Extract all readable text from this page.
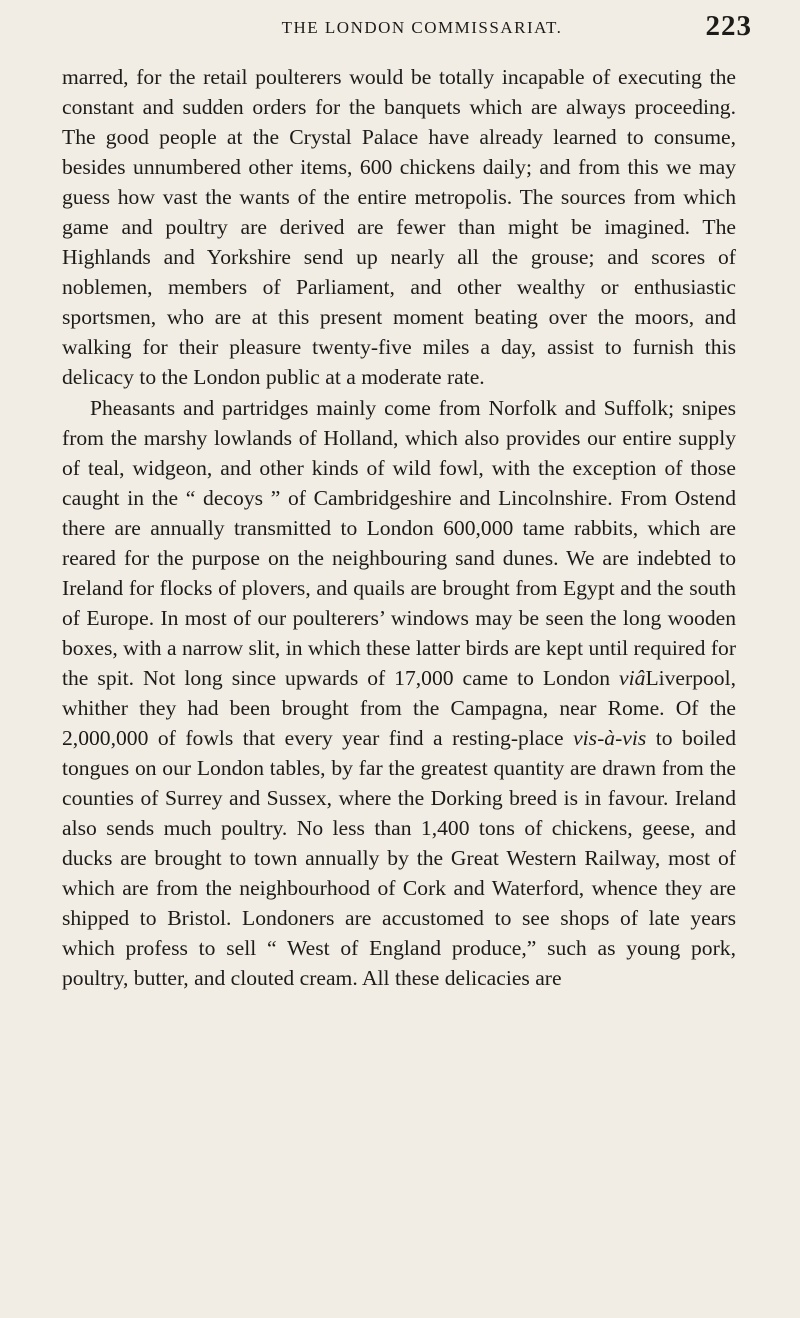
THE LONDON COMMISSARIAT.	223

marred, for the retail poulterers would be totally incapable of executing the constant and sudden orders for the banquets which are always proceeding. The good people at the Crystal Palace have already learned to consume, besides unnumbered other items, 600 chickens daily; and from this we may guess how vast the wants of the entire metropolis. The sources from which game and poultry are derived are fewer than might be imagined. The Highlands and Yorkshire send up nearly all the grouse; and scores of noblemen, members of Parliament, and other wealthy or enthusiastic sportsmen, who are at this present moment beating over the moors, and walking for their pleasure twenty-five miles a day, assist to furnish this delicacy to the London public at a moderate rate.

Pheasants and partridges mainly come from Norfolk and Suffolk; snipes from the marshy lowlands of Holland, which also provides our entire supply of teal, widgeon, and other kinds of wild fowl, with the exception of those caught in the “ decoys ” of Cambridgeshire and Lincolnshire. From Ostend there are annually transmitted to London 600,000 tame rabbits, which are reared for the purpose on the neighbouring sand dunes. We are indebted to Ireland for flocks of plovers, and quails are brought from Egypt and the south of Europe. In most of our poulterers’ windows may be seen the long wooden boxes, with a narrow slit, in which these latter birds are kept until required for the spit. Not long since upwards of 17,000 came to London viâLiverpool, whither they had been brought from the Campagna, near Rome. Of the 2,000,000 of fowls that every year find a resting-place vis-à-vis to boiled tongues on our London tables, by far the greatest quantity are drawn from the counties of Surrey and Sussex, where the Dorking breed is in favour. Ireland also sends much poultry. No less than 1,400 tons of chickens, geese, and ducks are brought to town annually by the Great Western Railway, most of which are from the neighbourhood of Cork and Waterford, whence they are shipped to Bristol. Londoners are accustomed to see shops of late years which profess to sell “ West of England produce,” such as young pork, poultry, butter, and clouted cream. All these delicacies are
